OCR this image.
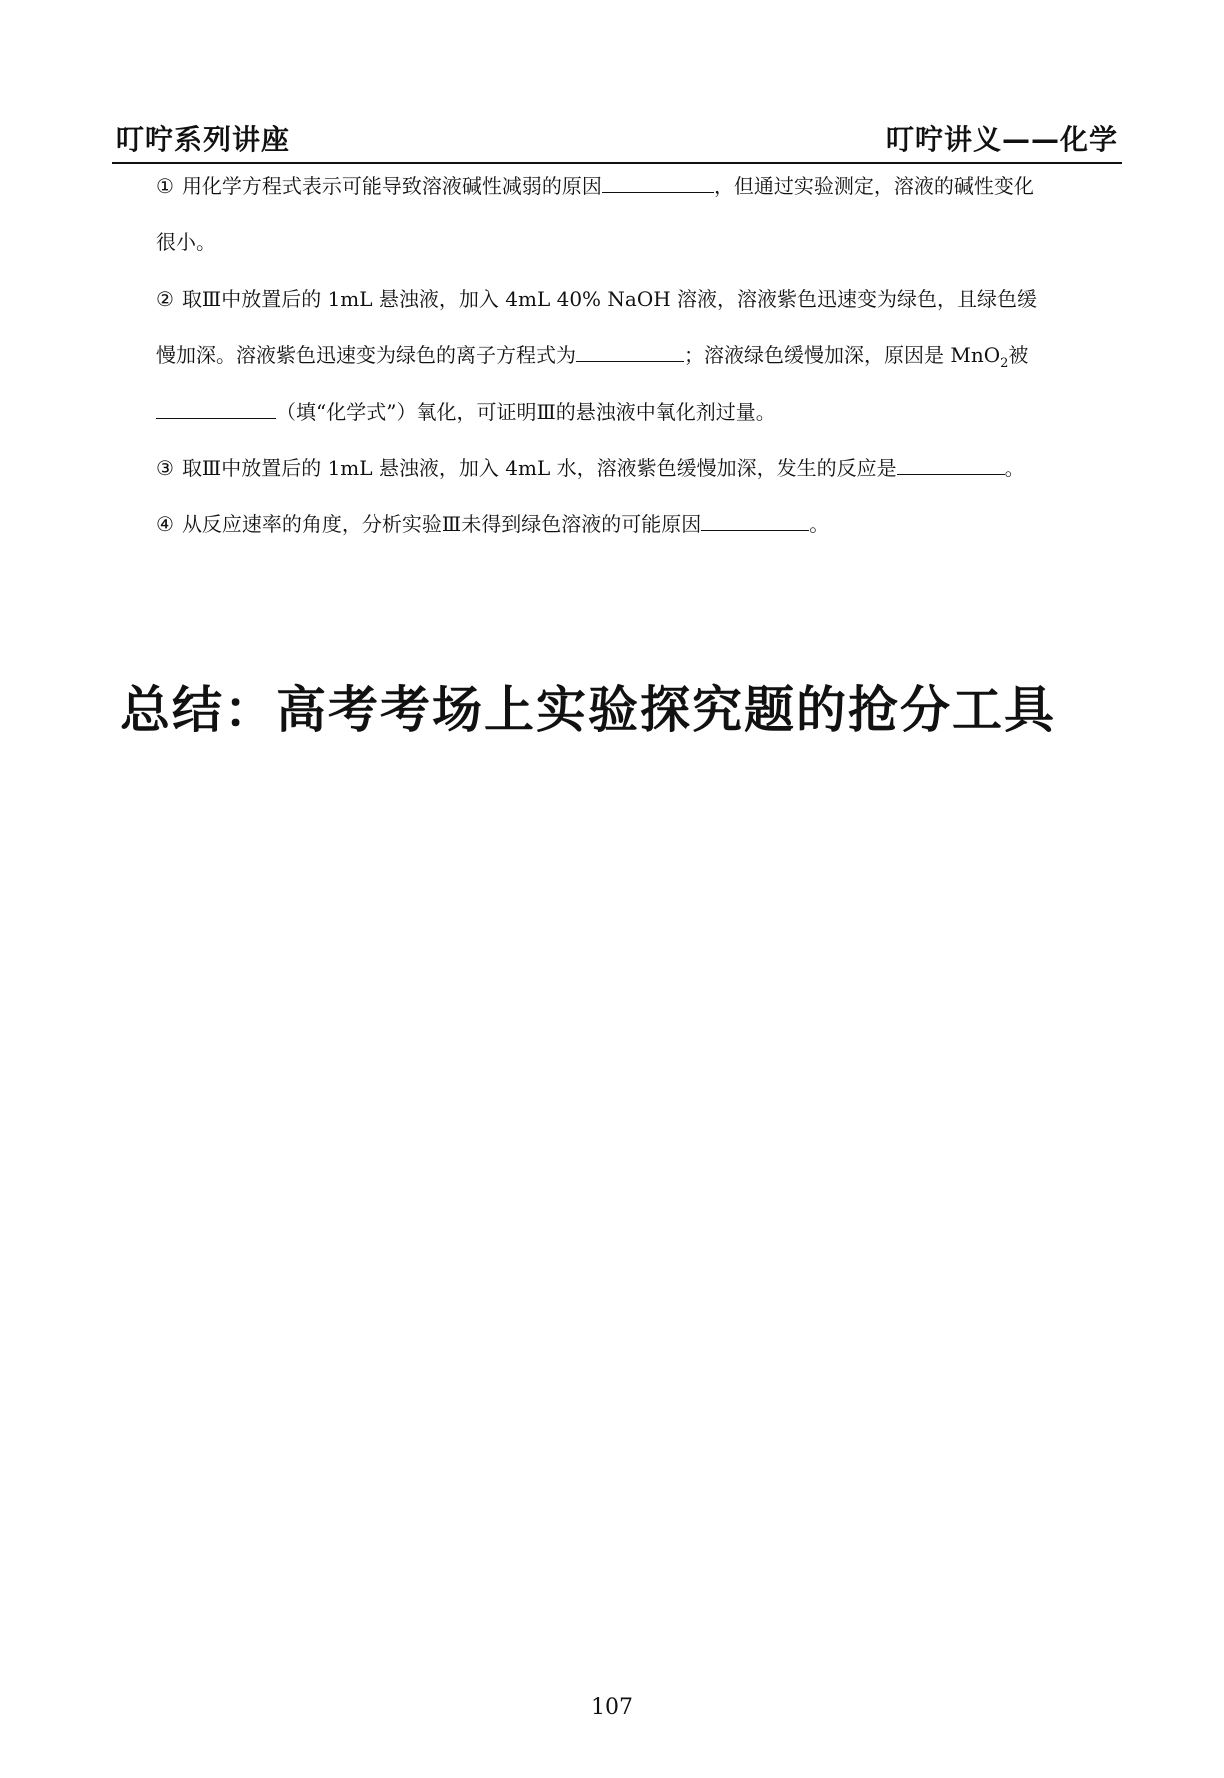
叮咛系列讲座	叮咛讲义——化学
① 用化学方程式表示可能导致溶液碱性减弱的原因	，但通过实验测定，溶液的碱性变化
很小。
② 取Ⅲ中放置后的 1mL 悬浊液，加入 4mL 40% NaOH 溶液，溶液紫色迅速变为绿色，且绿色缓
慢加深。溶液紫色迅速变为绿色的离子方程式为	；溶液绿色缓慢加深，原因是 MnO$_2$被
（填“化学式”）氧化，可证明Ⅲ的悬浊液中氧化剂过量。
③ 取Ⅲ中放置后的 1mL 悬浊液，加入 4mL 水，溶液紫色缓慢加深，发生的反应是	。
④ 从反应速率的角度，分析实验Ⅲ未得到绿色溶液的可能原因	。
总结：高考考场上实验探究题的抢分工具
107
